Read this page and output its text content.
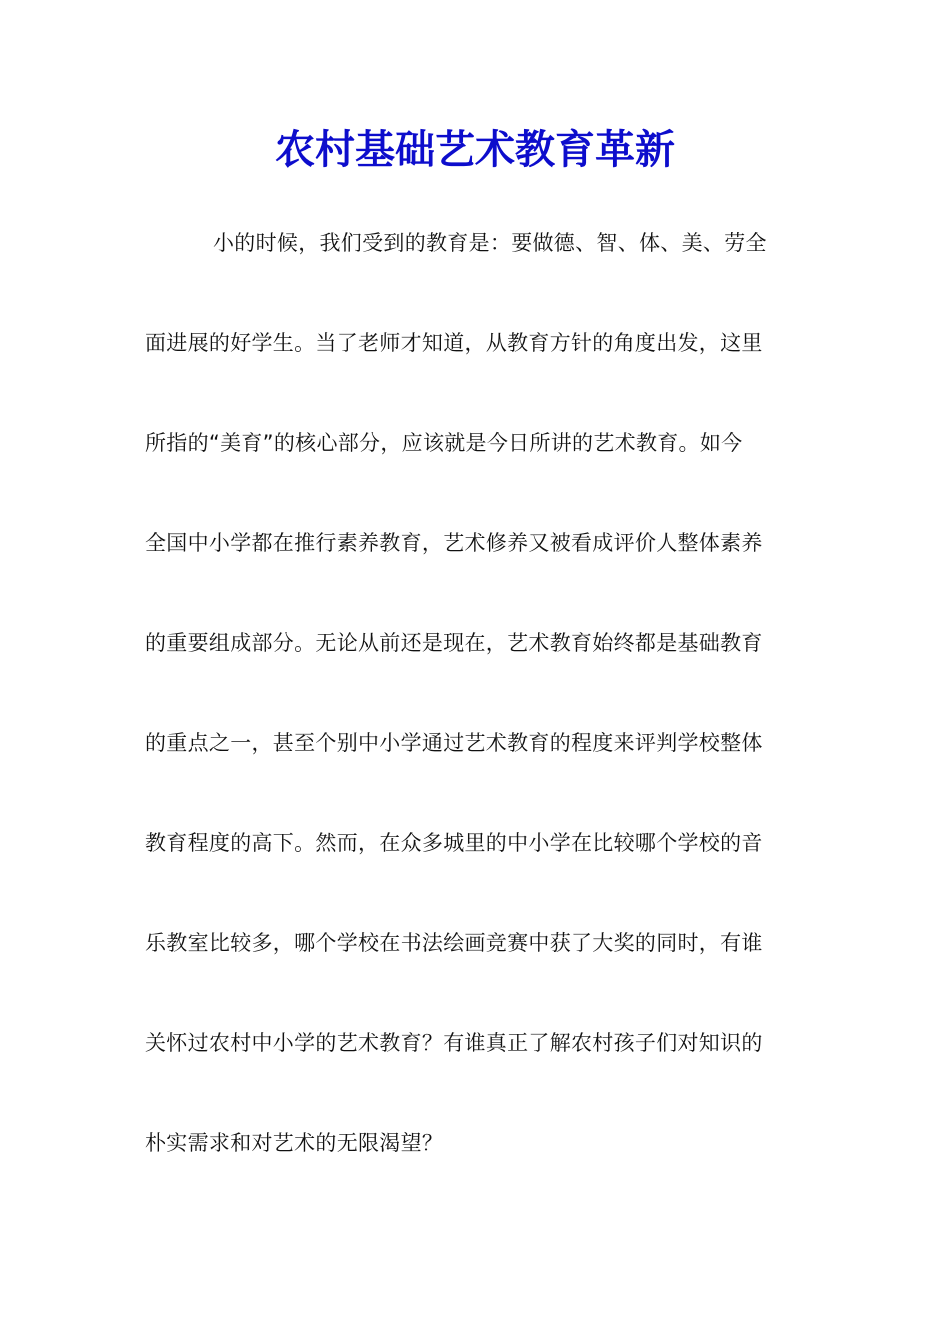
农村基础艺术教育革新
小的时候，我们受到的教育是：要做德、智、体、美、劳全
面进展的好学生。当了老师才知道，从教育方针的角度出发，这里
所指的“美育”的核心部分，应该就是今日所讲的艺术教育。如今
全国中小学都在推行素养教育，艺术修养又被看成评价人整体素养
的重要组成部分。无论从前还是现在，艺术教育始终都是基础教育
的重点之一，甚至个别中小学通过艺术教育的程度来评判学校整体
教育程度的高下。然而，在众多城里的中小学在比较哪个学校的音
乐教室比较多，哪个学校在书法绘画竞赛中获了大奖的同时，有谁
关怀过农村中小学的艺术教育？有谁真正了解农村孩子们对知识的
朴实需求和对艺术的无限渴望？
